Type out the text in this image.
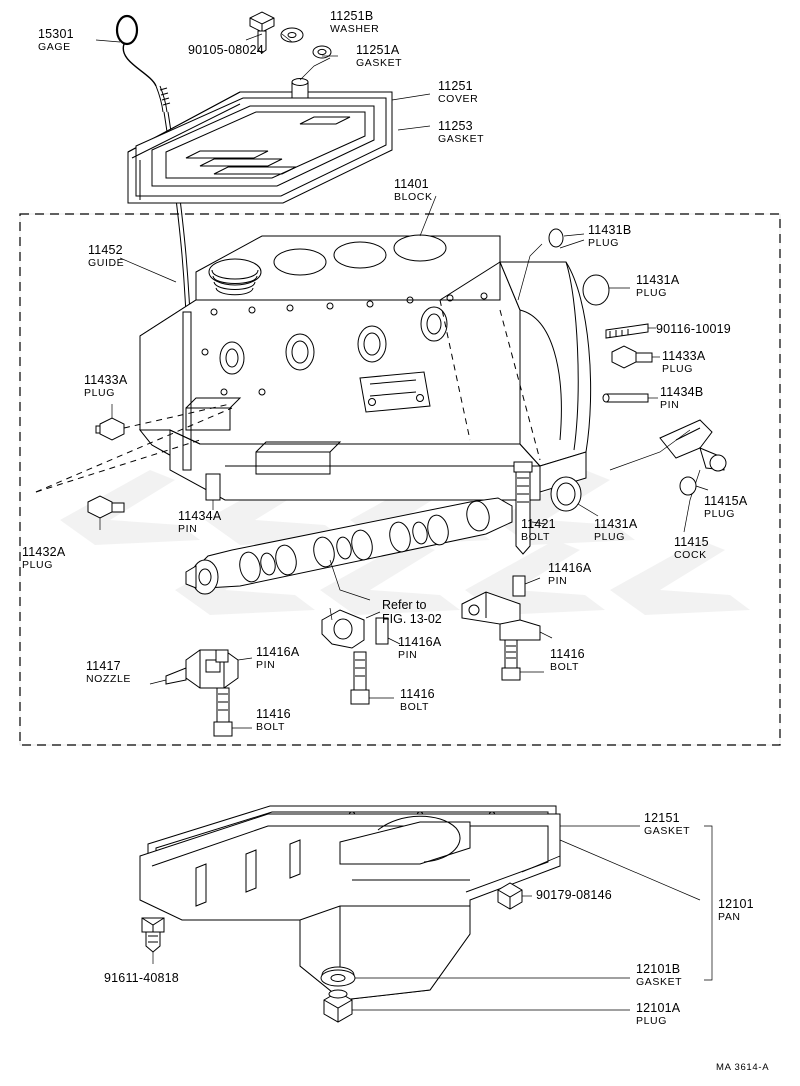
15301
GAGE	90105-08024
11251B
WASHER
11251A
GASKET
11251
COVER
11253
GASKET
11401
BLOCK
11452
GUIDE
11431B
PLUG
11431A
PLUG
90116-10019
11433A
PLUG
11434B
PIN
11433A
PLUG
11434A
PIN
11432A
PLUG
11421
BOLT
11431A
PLUG
11415A
PLUG
11415
COCK
11416A
PIN
11416A
PIN
11416A
PIN
11416
BOLT
11416
BOLT
11416
BOLT
11417
NOZZLE
Refer to
FIG. 13-02
12151
GASKET
90179-08146
12101
PAN
12101B
GASKET
12101A
PLUG
91611-40818
MA 3614-A
